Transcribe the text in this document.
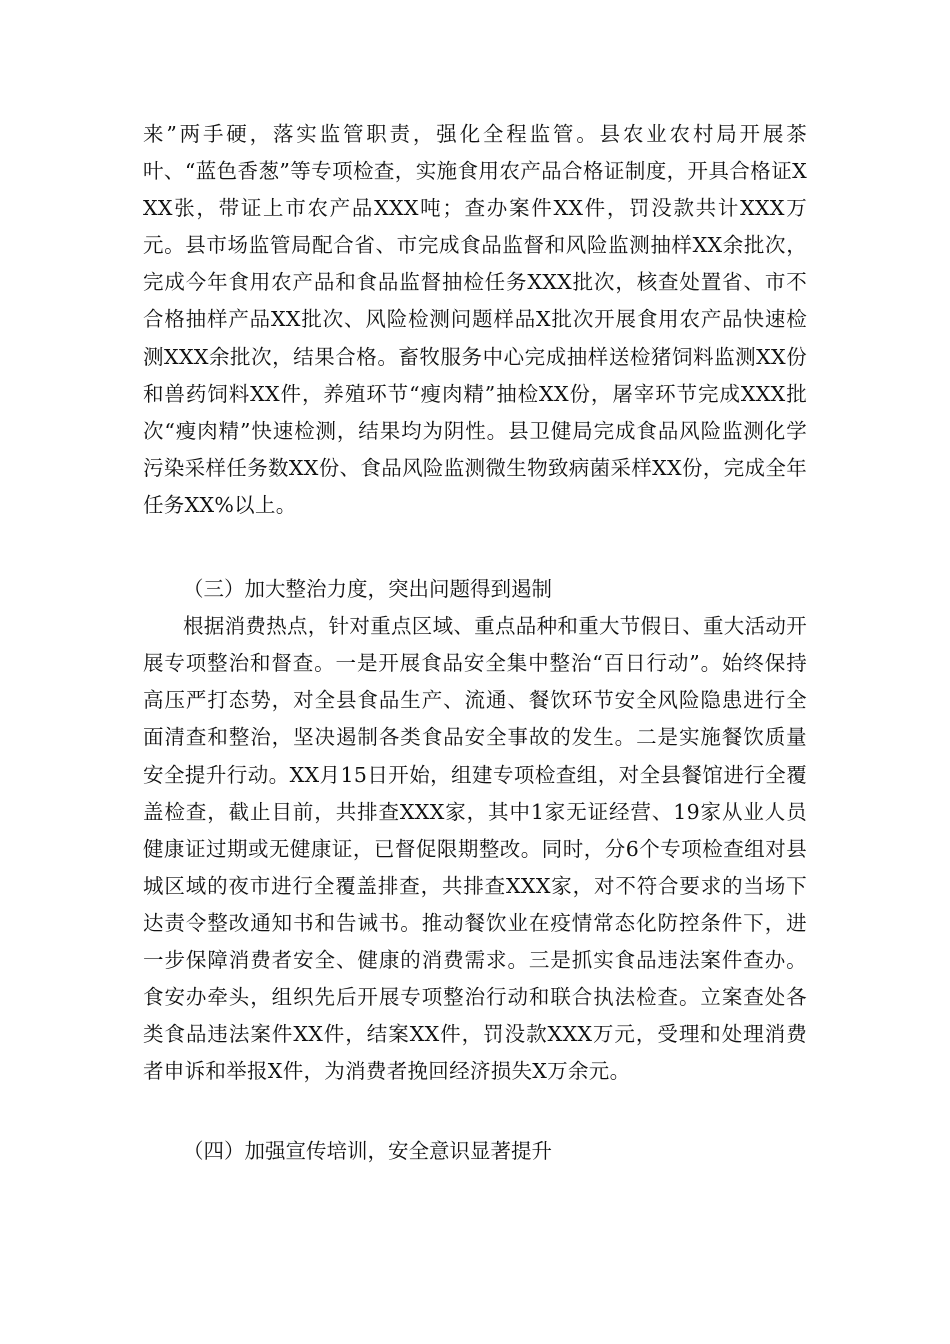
来”两手硬，落实监管职责，强化全程监管。县农业农村局开展茶叶、“蓝色香葱”等专项检查，实施食用农产品合格证制度，开具合格证XXX张，带证上市农产品XXX吨；查办案件XX件，罚没款共计XXX万元。县市场监管局配合省、市完成食品监督和风险监测抽样XX余批次，完成今年食用农产品和食品监督抽检任务XXX批次，核查处置省、市不合格抽样产品XX批次、风险检测问题样品X批次开展食用农产品快速检测XXX余批次，结果合格。畜牧服务中心完成抽样送检猪饲料监测XX份和兽药饲料XX件，养殖环节“瘦肉精”抽检XX份，屠宰环节完成XXX批次“瘦肉精”快速检测，结果均为阴性。县卫健局完成食品风险监测化学污染采样任务数XX份、食品风险监测微生物致病菌采样XX份，完成全年任务XX%以上。

（三）加大整治力度，突出问题得到遏制

根据消费热点，针对重点区域、重点品种和重大节假日、重大活动开展专项整治和督查。一是开展食品安全集中整治“百日行动”。始终保持高压严打态势，对全县食品生产、流通、餐饮环节安全风险隐患进行全面清查和整治，坚决遏制各类食品安全事故的发生。二是实施餐饮质量安全提升行动。XX月15日开始，组建专项检查组，对全县餐馆进行全覆盖检查，截止目前，共排查XXX家，其中1家无证经营、19家从业人员健康证过期或无健康证，已督促限期整改。同时，分6个专项检查组对县城区域的夜市进行全覆盖排查，共排查XXX家，对不符合要求的当场下达责令整改通知书和告诫书。推动餐饮业在疫情常态化防控条件下，进一步保障消费者安全、健康的消费需求。三是抓实食品违法案件查办。食安办牵头，组织先后开展专项整治行动和联合执法检查。立案查处各类食品违法案件XX件，结案XX件，罚没款XXX万元，受理和处理消费者申诉和举报X件，为消费者挽回经济损失X万余元。

（四）加强宣传培训，安全意识显著提升
